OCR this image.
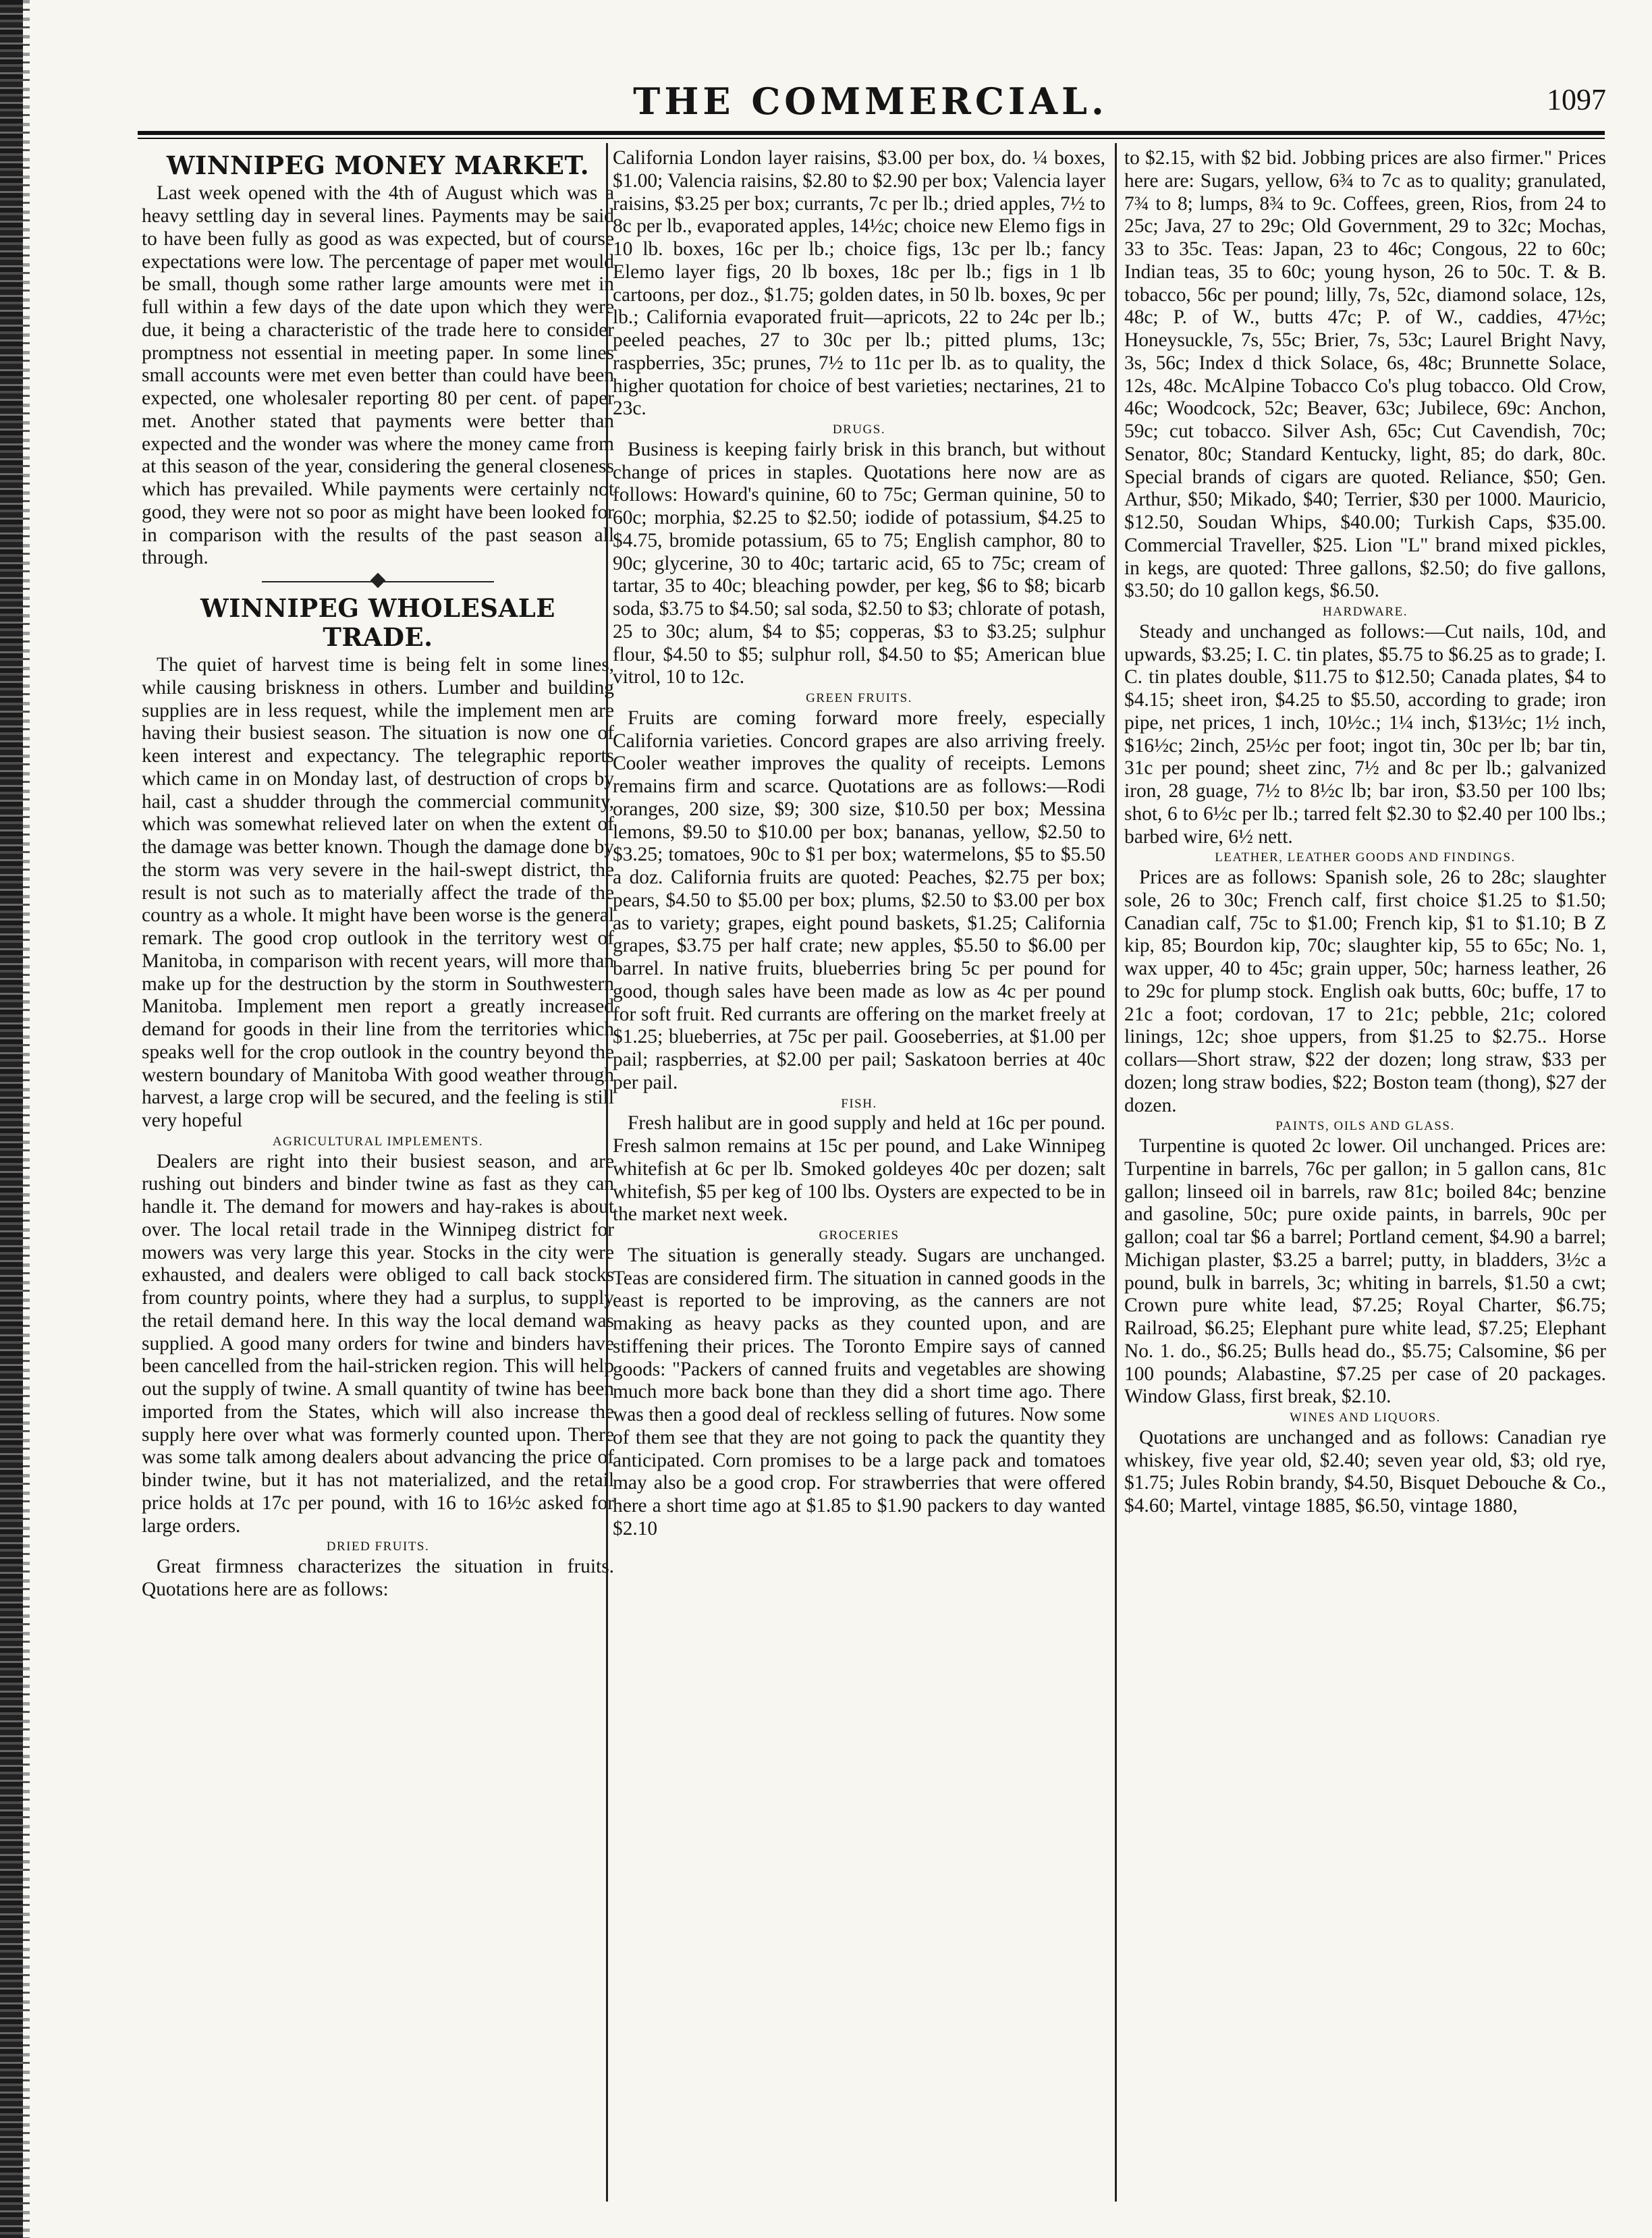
THE COMMERCIAL.	1097
WINNIPEG MONEY MARKET.

Last week opened with the 4th of August which was a heavy settling day in several lines. Payments may be said to have been fully as good as was expected, but of course expectations were low. The percentage of paper met would be small, though some rather large amounts were met in full within a few days of the date upon which they were due, it being a characteristic of the trade here to consider promptness not essential in meeting paper. In some lines small accounts were met even better than could have been expected, one wholesaler reporting 80 per cent. of paper met. Another stated that payments were better than expected and the wonder was where the money came from at this season of the year, considering the general closeness which has prevailed. While payments were certainly not good, they were not so poor as might have been looked for in comparison with the results of the past season all through.

WINNIPEG WHOLESALE TRADE.

The quiet of harvest time is being felt in some lines, while causing briskness in others. Lumber and building supplies are in less request, while the implement men are having their busiest season. The situation is now one of keen interest and expectancy. The telegraphic reports which came in on Monday last, of destruction of crops by hail, cast a shudder through the commercial community, which was somewhat relieved later on when the extent of the damage was better known. Though the damage done by the storm was very severe in the hail-swept district, the result is not such as to materially affect the trade of the country as a whole. It might have been worse is the general remark. The good crop outlook in the territory west of Manitoba, in comparison with recent years, will more than make up for the destruction by the storm in Southwestern Manitoba. Implement men report a greatly increased demand for goods in their line from the territories which speaks well for the crop outlook in the country beyond the western boundary of Manitoba With good weather through harvest, a large crop will be secured, and the feeling is still very hopeful

AGRICULTURAL IMPLEMENTS.

Dealers are right into their busiest season, and are rushing out binders and binder twine as fast as they can handle it. The demand for mowers and hay-rakes is about over. The local retail trade in the Winnipeg district for mowers was very large this year. Stocks in the city were exhausted, and dealers were obliged to call back stocks from country points, where they had a surplus, to supply the retail demand here. In this way the local demand was supplied. A good many orders for twine and binders have been cancelled from the hail-stricken region. This will help out the supply of twine. A small quantity of twine has been imported from the States, which will also increase the supply here over what was formerly counted upon. There was some talk among dealers about advancing the price of binder twine, but it has not materialized, and the retail price holds at 17c per pound, with 16 to 16½c asked for large orders.

DRIED FRUITS.

Great firmness characterizes the situation in fruits. Quotations here are as follows:

California London layer raisins, $3.00 per box, do. ¼ boxes, $1.00; Valencia raisins, $2.80 to $2.90 per box; Valencia layer raisins, $3.25 per box; currants, 7c per lb.; dried apples, 7½ to 8c per lb., evaporated apples, 14½c; choice new Elemo figs in 10 lb. boxes, 16c per lb.; choice figs, 13c per lb.; fancy Elemo layer figs, 20 lb boxes, 18c per lb.; figs in 1 lb cartoons, per doz., $1.75; golden dates, in 50 lb. boxes, 9c per lb.; California evaporated fruit—apricots, 22 to 24c per lb.; peeled peaches, 27 to 30c per lb.; pitted plums, 13c; raspberries, 35c; prunes, 7½ to 11c per lb. as to quality, the higher quotation for choice of best varieties; nectarines, 21 to 23c.

DRUGS.

Business is keeping fairly brisk in this branch, but without change of prices in staples. Quotations here now are as follows: Howard's quinine, 60 to 75c; German quinine, 50 to 60c; morphia, $2.25 to $2.50; iodide of potassium, $4.25 to $4.75, bromide potassium, 65 to 75; English camphor, 80 to 90c; glycerine, 30 to 40c; tartaric acid, 65 to 75c; cream of tartar, 35 to 40c; bleaching powder, per keg, $6 to $8; bicarb soda, $3.75 to $4.50; sal soda, $2.50 to $3; chlorate of potash, 25 to 30c; alum, $4 to $5; copperas, $3 to $3.25; sulphur flour, $4.50 to $5; sulphur roll, $4.50 to $5; American blue vitrol, 10 to 12c.

GREEN FRUITS.

Fruits are coming forward more freely, especially California varieties. Concord grapes are also arriving freely. Cooler weather improves the quality of receipts. Lemons remains firm and scarce. Quotations are as follows:—Rodi oranges, 200 size, $9; 300 size, $10.50 per box; Messina lemons, $9.50 to $10.00 per box; bananas, yellow, $2.50 to $3.25; tomatoes, 90c to $1 per box; watermelons, $5 to $5.50 a doz. California fruits are quoted: Peaches, $2.75 per box; pears, $4.50 to $5.00 per box; plums, $2.50 to $3.00 per box as to variety; grapes, eight pound baskets, $1.25; California grapes, $3.75 per half crate; new apples, $5.50 to $6.00 per barrel. In native fruits, blueberries bring 5c per pound for good, though sales have been made as low as 4c per pound for soft fruit. Red currants are offering on the market freely at $1.25; blueberries, at 75c per pail. Gooseberries, at $1.00 per pail; raspberries, at $2.00 per pail; Saskatoon berries at 40c per pail.

FISH.

Fresh halibut are in good supply and held at 16c per pound. Fresh salmon remains at 15c per pound, and Lake Winnipeg whitefish at 6c per lb. Smoked goldeyes 40c per dozen; salt whitefish, $5 per keg of 100 lbs. Oysters are expected to be in the market next week.

GROCERIES

The situation is generally steady. Sugars are unchanged. Teas are considered firm. The situation in canned goods in the east is reported to be improving, as the canners are not making as heavy packs as they counted upon, and are stiffening their prices. The Toronto Empire says of canned goods: "Packers of canned fruits and vegetables are showing much more back bone than they did a short time ago. There was then a good deal of reckless selling of futures. Now some of them see that they are not going to pack the quantity they anticipated. Corn promises to be a large pack and tomatoes may also be a good crop. For strawberries that were offered here a short time ago at $1.85 to $1.90 packers to day wanted $2.10

to $2.15, with $2 bid. Jobbing prices are also firmer." Prices here are: Sugars, yellow, 6¾ to 7c as to quality; granulated, 7¾ to 8; lumps, 8¾ to 9c. Coffees, green, Rios, from 24 to 25c; Java, 27 to 29c; Old Government, 29 to 32c; Mochas, 33 to 35c. Teas: Japan, 23 to 46c; Congous, 22 to 60c; Indian teas, 35 to 60c; young hyson, 26 to 50c. T. & B. tobacco, 56c per pound; lilly, 7s, 52c, diamond solace, 12s, 48c; P. of W., butts 47c; P. of W., caddies, 47½c; Honeysuckle, 7s, 55c; Brier, 7s, 53c; Laurel Bright Navy, 3s, 56c; Index d thick Solace, 6s, 48c; Brunnette Solace, 12s, 48c. McAlpine Tobacco Co's plug tobacco. Old Crow, 46c; Woodcock, 52c; Beaver, 63c; Jubilece, 69c: Anchon, 59c; cut tobacco. Silver Ash, 65c; Cut Cavendish, 70c; Senator, 80c; Standard Kentucky, light, 85; do dark, 80c. Special brands of cigars are quoted. Reliance, $50; Gen. Arthur, $50; Mikado, $40; Terrier, $30 per 1000. Mauricio, $12.50, Soudan Whips, $40.00; Turkish Caps, $35.00. Commercial Traveller, $25. Lion "L" brand mixed pickles, in kegs, are quoted: Three gallons, $2.50; do five gallons, $3.50; do 10 gallon kegs, $6.50.

HARDWARE.

Steady and unchanged as follows:—Cut nails, 10d, and upwards, $3.25; I. C. tin plates, $5.75 to $6.25 as to grade; I. C. tin plates double, $11.75 to $12.50; Canada plates, $4 to $4.15; sheet iron, $4.25 to $5.50, according to grade; iron pipe, net prices, 1 inch, 10½c.; 1¼ inch, $13½c; 1½ inch, $16½c; 2inch, 25½c per foot; ingot tin, 30c per lb; bar tin, 31c per pound; sheet zinc, 7½ and 8c per lb.; galvanized iron, 28 guage, 7½ to 8½c lb; bar iron, $3.50 per 100 lbs; shot, 6 to 6½c per lb.; tarred felt $2.30 to $2.40 per 100 lbs.; barbed wire, 6½ nett.

LEATHER, LEATHER GOODS AND FINDINGS.

Prices are as follows: Spanish sole, 26 to 28c; slaughter sole, 26 to 30c; French calf, first choice $1.25 to $1.50; Canadian calf, 75c to $1.00; French kip, $1 to $1.10; B Z kip, 85; Bourdon kip, 70c; slaughter kip, 55 to 65c; No. 1, wax upper, 40 to 45c; grain upper, 50c; harness leather, 26 to 29c for plump stock. English oak butts, 60c; buffe, 17 to 21c a foot; cordovan, 17 to 21c; pebble, 21c; colored linings, 12c; shoe uppers, from $1.25 to $2.75.. Horse collars—Short straw, $22 der dozen; long straw, $33 per dozen; long straw bodies, $22; Boston team (thong), $27 der dozen.

PAINTS, OILS AND GLASS.

Turpentine is quoted 2c lower. Oil unchanged. Prices are: Turpentine in barrels, 76c per gallon; in 5 gallon cans, 81c gallon; linseed oil in barrels, raw 81c; boiled 84c; benzine and gasoline, 50c; pure oxide paints, in barrels, 90c per gallon; coal tar $6 a barrel; Portland cement, $4.90 a barrel; Michigan plaster, $3.25 a barrel; putty, in bladders, 3½c a pound, bulk in barrels, 3c; whiting in barrels, $1.50 a cwt; Crown pure white lead, $7.25; Royal Charter, $6.75; Railroad, $6.25; Elephant pure white lead, $7.25; Elephant No. 1. do., $6.25; Bulls head do., $5.75; Calsomine, $6 per 100 pounds; Alabastine, $7.25 per case of 20 packages. Window Glass, first break, $2.10.

WINES AND LIQUORS.

Quotations are unchanged and as follows: Canadian rye whiskey, five year old, $2.40; seven year old, $3; old rye, $1.75; Jules Robin brandy, $4.50, Bisquet Debouche & Co., $4.60; Martel, vintage 1885, $6.50, vintage 1880,
